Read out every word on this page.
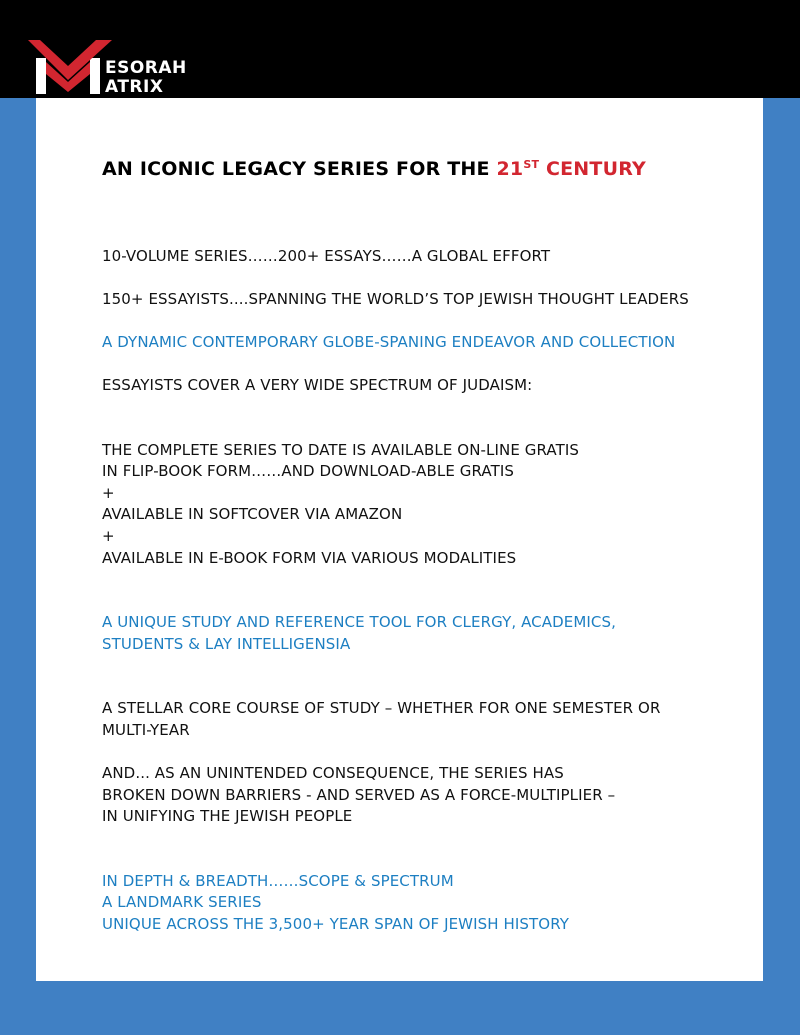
ESORAH
ATRIX
AN ICONIC LEGACY SERIES FOR THE 21ST CENTURY
10-VOLUME SERIES……200+ ESSAYS……A GLOBAL EFFORT
150+ ESSAYISTS....SPANNING THE WORLD’S TOP JEWISH THOUGHT LEADERS
A DYNAMIC CONTEMPORARY GLOBE-SPANING ENDEAVOR AND COLLECTION
ESSAYISTS COVER A VERY WIDE SPECTRUM OF JUDAISM:
THE COMPLETE SERIES TO DATE IS AVAILABLE ON-LINE GRATIS
IN FLIP-BOOK FORM……AND DOWNLOAD-ABLE GRATIS
+
AVAILABLE IN SOFTCOVER VIA AMAZON
+
AVAILABLE IN E-BOOK FORM VIA VARIOUS MODALITIES
A UNIQUE STUDY AND REFERENCE TOOL FOR CLERGY, ACADEMICS,
STUDENTS & LAY INTELLIGENSIA
A STELLAR CORE COURSE OF STUDY – WHETHER FOR ONE SEMESTER OR
MULTI-YEAR
AND... AS AN UNINTENDED CONSEQUENCE, THE SERIES HAS
BROKEN DOWN BARRIERS - AND SERVED AS A FORCE-MULTIPLIER –
IN UNIFYING THE JEWISH PEOPLE
IN DEPTH & BREADTH……SCOPE & SPECTRUM
A LANDMARK SERIES
UNIQUE ACROSS THE 3,500+ YEAR SPAN OF JEWISH HISTORY
